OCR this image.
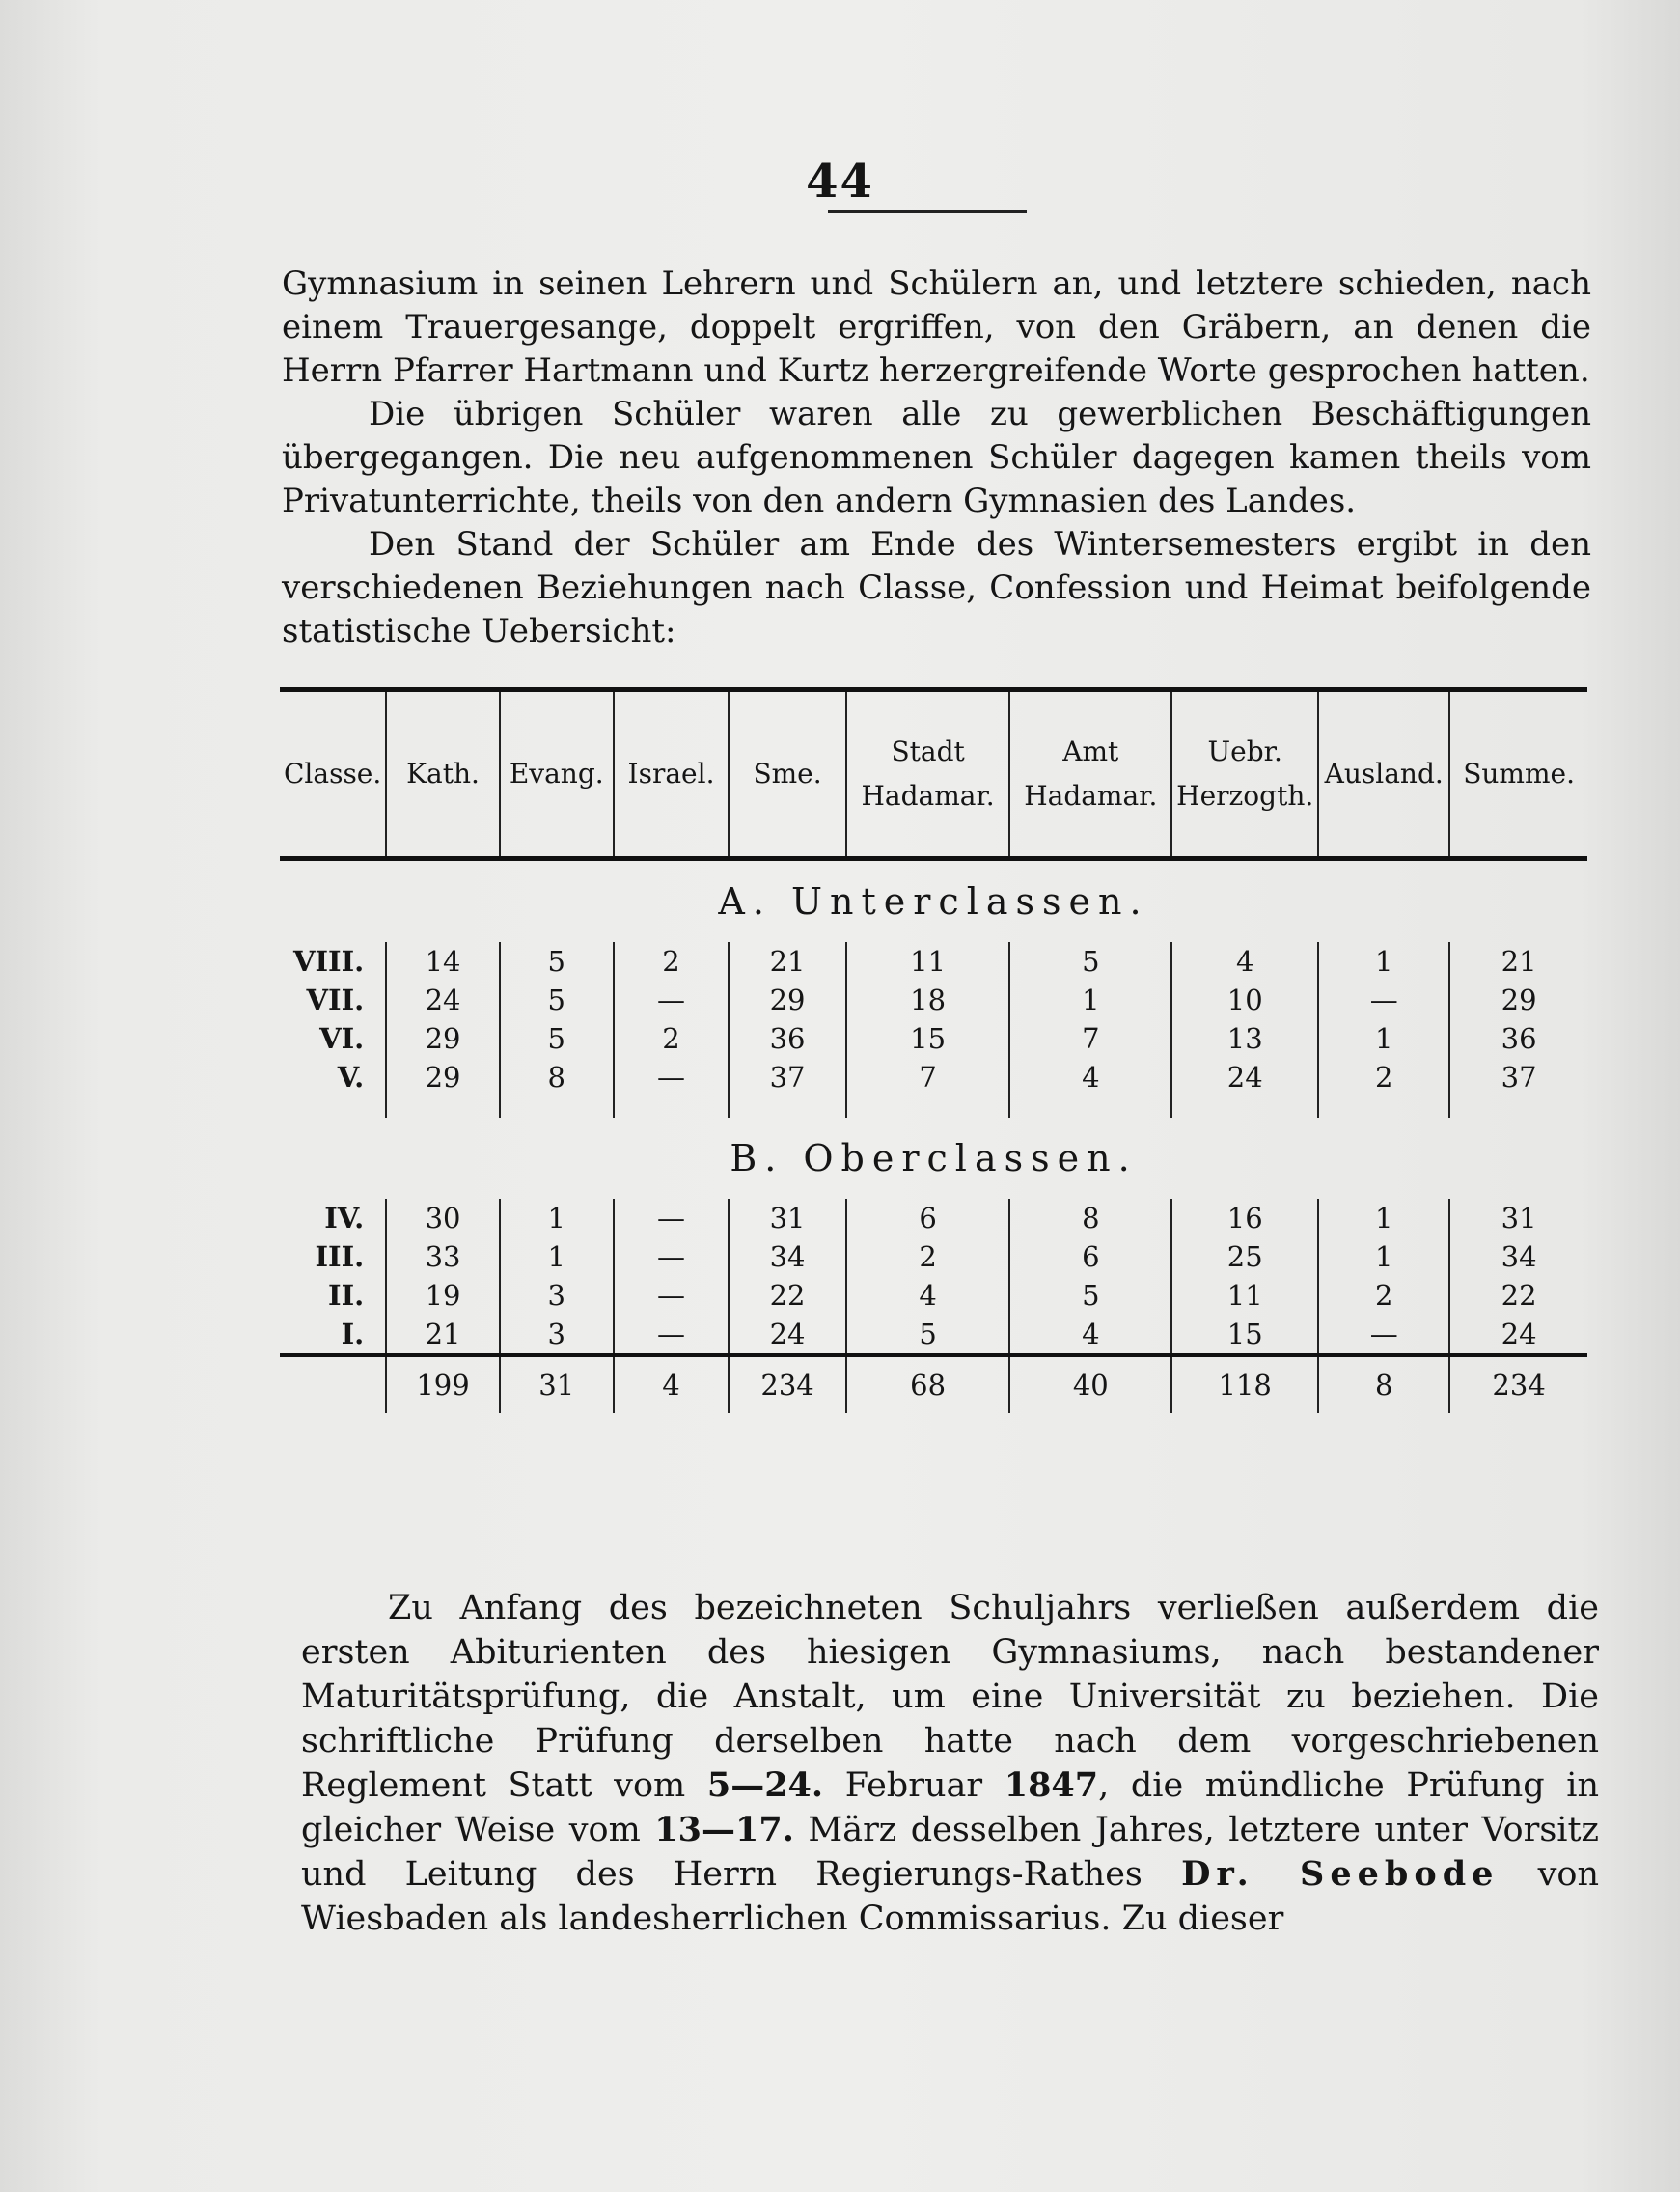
44

Gymnasium in seinen Lehrern und Schülern an, und letztere schieden, nach einem Trauergesange, doppelt ergriffen, von den Gräbern, an denen die Herrn Pfarrer Hartmann und Kurtz herzergreifende Worte gesprochen hatten.

Die übrigen Schüler waren alle zu gewerblichen Beschäftigungen übergegangen. Die neu aufgenommenen Schüler dagegen kamen theils vom Privatunterrichte, theils von den andern Gymnasien des Landes.

Den Stand der Schüler am Ende des Wintersemesters ergibt in den verschiedenen Beziehungen nach Classe, Confession und Heimat beifolgende statistische Uebersicht:

Classe.	Kath.	Evang.	Israel.	Sme.	Stadt Hadamar.	Amt Hadamar.	Uebr. Herzogth.	Ausland.	Summe.
A. Unterclassen.									
VIII.	14	5	2	21	11	5	4	1	21
VII.	24	5	—	29	18	1	10	—	29
VI.	29	5	2	36	15	7	13	1	36
V.	29	8	—	37	7	4	24	2	37

B. Oberclassen.									
IV.	30	1	—	31	6	8	16	1	31
III.	33	1	—	34	2	6	25	1	34
II.	19	3	—	22	4	5	11	2	22
I.	21	3	—	24	5	4	15	—	24
	199	31	4	234	68	40	118	8	234

Zu Anfang des bezeichneten Schuljahrs verließen außerdem die ersten Abiturienten des hiesigen Gymnasiums, nach bestandener Maturitätsprüfung, die Anstalt, um eine Universität zu beziehen. Die schriftliche Prüfung derselben hatte nach dem vorgeschriebenen Reglement Statt vom 5—24. Februar 1847, die mündliche Prüfung in gleicher Weise vom 13—17. März desselben Jahres, letztere unter Vorsitz und Leitung des Herrn Regierungs-Rathes Dr. Seebode von Wiesbaden als landesherrlichen Commissarius. Zu dieser
